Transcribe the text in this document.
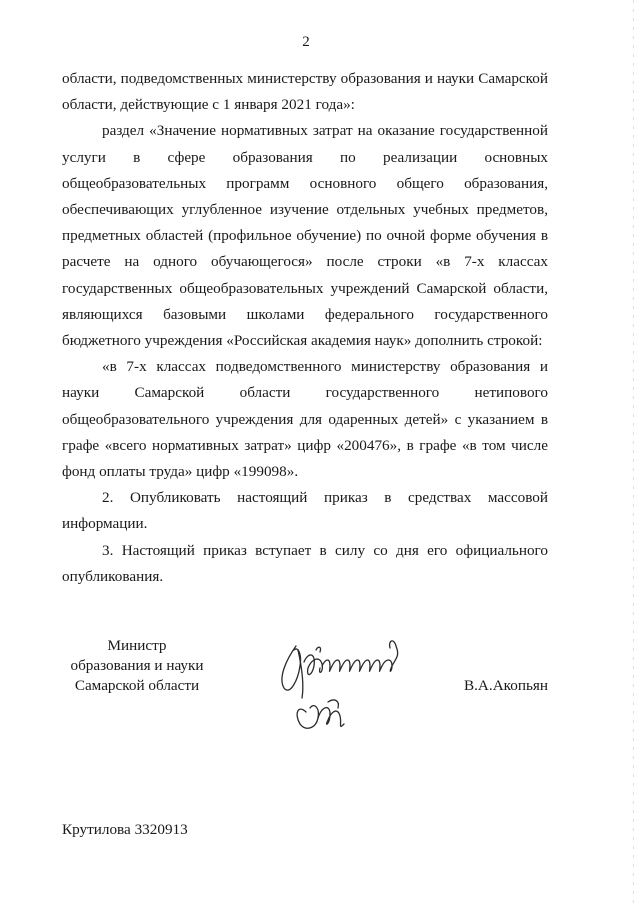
2

области, подведомственных министерству образования и науки Самарской области, действующие с 1 января 2021 года»:

раздел «Значение нормативных затрат на оказание государственной услуги в сфере образования по реализации основных общеобразовательных программ основного общего образования, обеспечивающих углубленное изучение отдельных учебных предметов, предметных областей (профильное обучение) по очной форме обучения в расчете на одного обучающегося» после строки «в 7-х классах государственных общеобразовательных учреждений Самарской области, являющихся базовыми школами федерального государственного бюджетного учреждения «Российская академия наук» дополнить строкой:

«в 7-х классах подведомственного министерству образования и науки Самарской области государственного нетипового общеобразовательного учреждения для одаренных детей» с указанием в графе «всего нормативных затрат» цифр «200476», в графе «в том числе фонд оплаты труда» цифр «199098».

2. Опубликовать настоящий приказ в средствах массовой информации.

3. Настоящий приказ вступает в силу со дня его официального опубликования.

Министр
образования и науки
Самарской области	В.А.Акопьян
Крутилова 3320913
